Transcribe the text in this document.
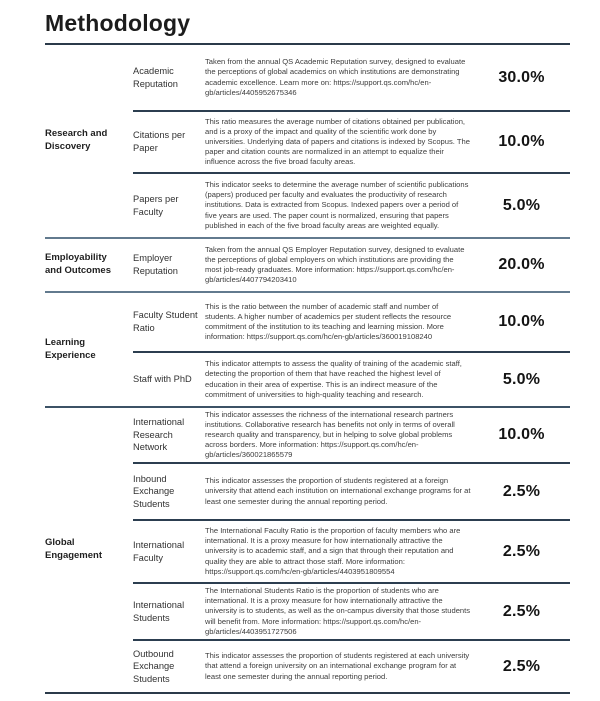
Methodology
Research and Discovery	Academic Reputation	Taken from the annual QS Academic Reputation survey, designed to evaluate the perceptions of global academics on which institutions are demonstrating academic excellence. Learn more on: https://support.qs.com/hc/en-gb/articles/4405952675346	30.0%
	Citations per Paper	This ratio measures the average number of citations obtained per publication, and is a proxy of the impact and quality of the scientific work done by universities. Underlying data of papers and citations is indexed by Scopus. The paper and citation counts are normalized in an attempt to equalize their influence across the five broad faculty areas.	10.0%
	Papers per Faculty	This indicator seeks to determine the average number of scientific publications (papers) produced per faculty and evaluates the productivity of research institutions. Data is extracted from Scopus. Indexed papers over a period of five years are used. The paper count is normalized, ensuring that papers published in each of the five broad faculty areas are weighted equally.	5.0%
Employability and Outcomes	Employer Reputation	Taken from the annual QS Employer Reputation survey, designed to evaluate the perceptions of global employers on which institutions are providing the most job-ready graduates. More information: https://support.qs.com/hc/en-gb/articles/4407794203410	20.0%
Learning Experience	Faculty Student Ratio	This is the ratio between the number of academic staff and number of students. A higher number of academics per student reflects the resource commitment of the institution to its teaching and learning mission. More information: https://support.qs.com/hc/en-gb/articles/360019108240	10.0%
	Staff with PhD	This indicator attempts to assess the quality of training of the academic staff, detecting the proportion of them that have reached the highest level of education in their area of expertise. This is an indirect measure of the commitment of universities to high-quality teaching and research.	5.0%
Global Engagement	International Research Network	This indicator assesses the richness of the international research partners institutions. Collaborative research has benefits not only in terms of overall research quality and transparency, but in helping to solve global problems across borders. More information: https://support.qs.com/hc/en-gb/articles/360021865579	10.0%
	Inbound Exchange Students	This indicator assesses the proportion of students registered at a foreign university that attend each institution on international exchange programs for at least one semester during the annual reporting period.	2.5%
	International Faculty	The International Faculty Ratio is the proportion of faculty members who are international. It is a proxy measure for how internationally attractive the university is to academic staff, and a sign that through their reputation and quality they are able to attract those staff. More information: https://support.qs.com/hc/en-gb/articles/4403951809554	2.5%
	International Students	The International Students Ratio is the proportion of students who are international. It is a proxy measure for how internationally attractive the university is to students, as well as the on-campus diversity that those students will benefit from. More information: https://support.qs.com/hc/en-gb/articles/4403951727506	2.5%
	Outbound Exchange Students	This indicator assesses the proportion of students registered at each university that attend a foreign university on an international exchange program for at least one semester during the annual reporting period.	2.5%
